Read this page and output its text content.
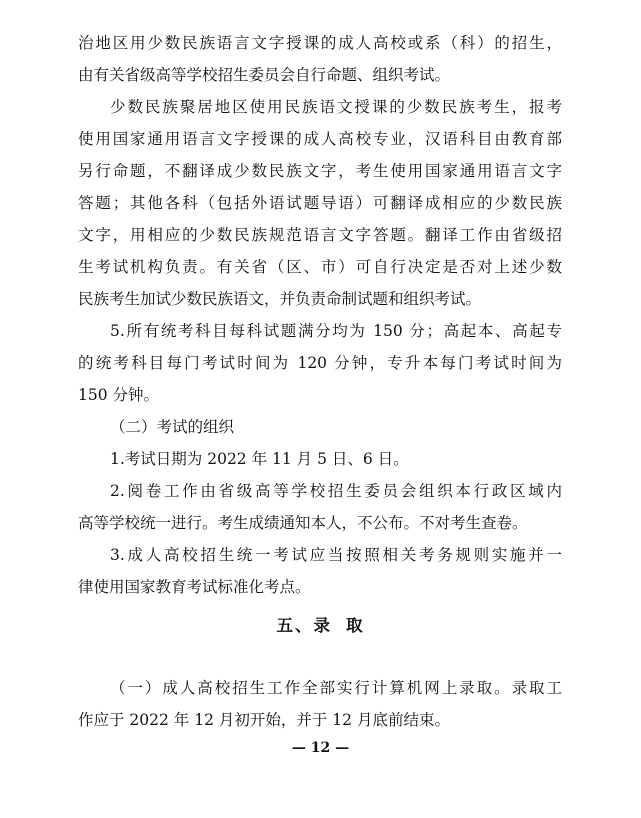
治地区用少数民族语言文字授课的成人高校或系（科）的招生，
由有关省级高等学校招生委员会自行命题、组织考试。
少数民族聚居地区使用民族语文授课的少数民族考生，报考
使用国家通用语言文字授课的成人高校专业，汉语科目由教育部
另行命题，不翻译成少数民族文字，考生使用国家通用语言文字
答题；其他各科（包括外语试题导语）可翻译成相应的少数民族
文字，用相应的少数民族规范语言文字答题。翻译工作由省级招
生考试机构负责。有关省（区、市）可自行决定是否对上述少数
民族考生加试少数民族语文，并负责命制试题和组织考试。
5.所有统考科目每科试题满分均为 150 分；高起本、高起专
的统考科目每门考试时间为 120 分钟，专升本每门考试时间为
150 分钟。
（二）考试的组织
1.考试日期为 2022 年 11 月 5 日、6 日。
2.阅卷工作由省级高等学校招生委员会组织本行政区域内
高等学校统一进行。考生成绩通知本人，不公布。不对考生查卷。
3.成人高校招生统一考试应当按照相关考务规则实施并一
律使用国家教育考试标准化考点。
五、录 取
（一）成人高校招生工作全部实行计算机网上录取。录取工
作应于 2022 年 12 月初开始，并于 12 月底前结束。
— 12 —
